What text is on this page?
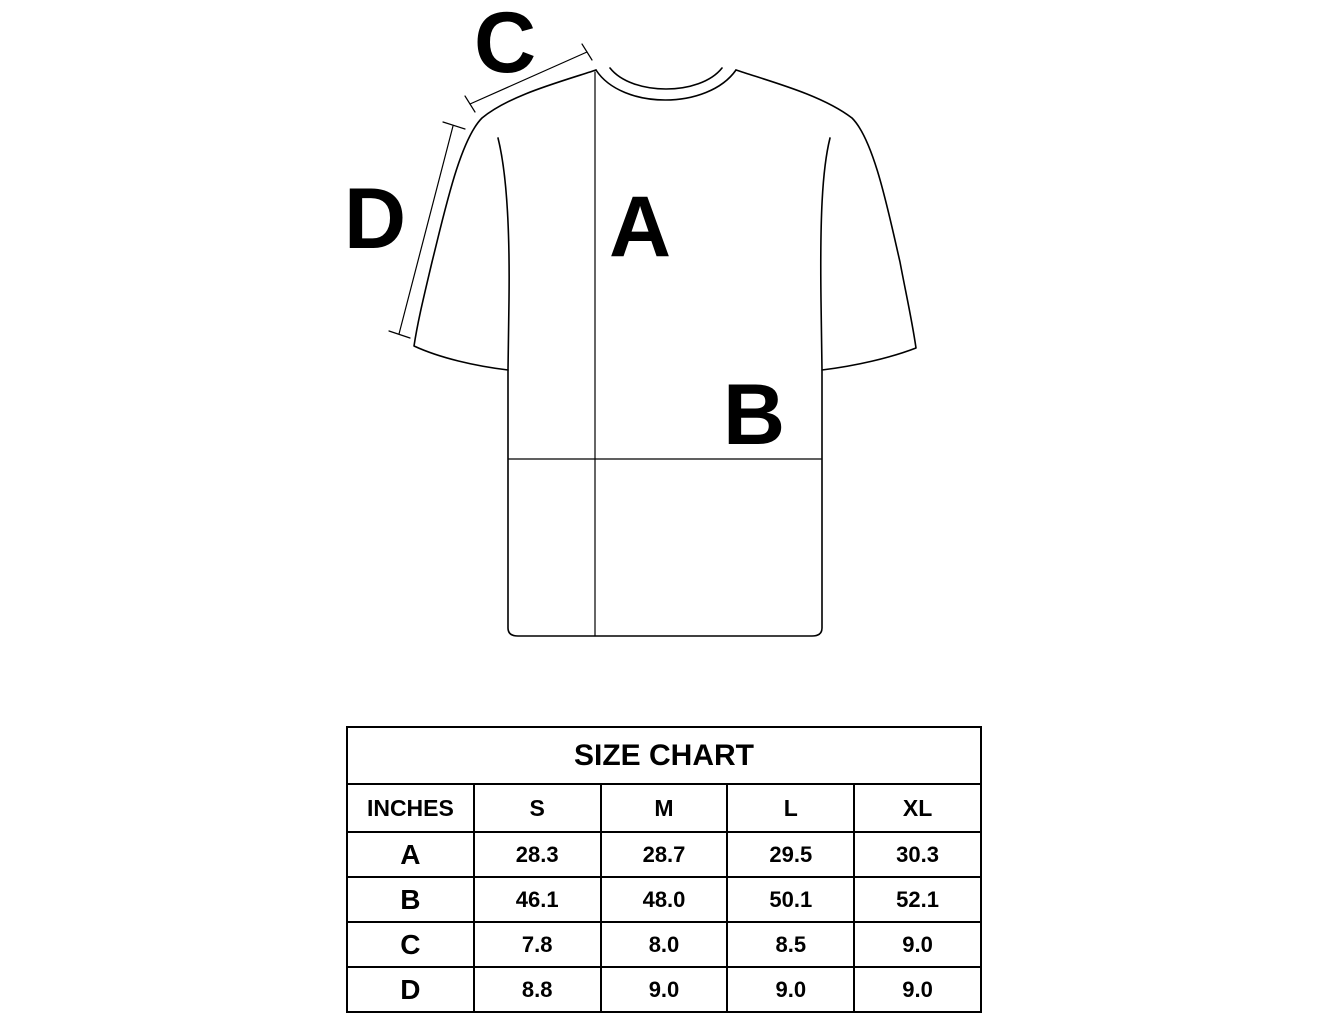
C
D A
B
SIZE CHART				
INCHES	S	M	L	XL
A	28.3	28.7	29.5	30.3
B	46.1	48.0	50.1	52.1
C	7.8	8.0	8.5	9.0
D	8.8	9.0	9.0	9.0
